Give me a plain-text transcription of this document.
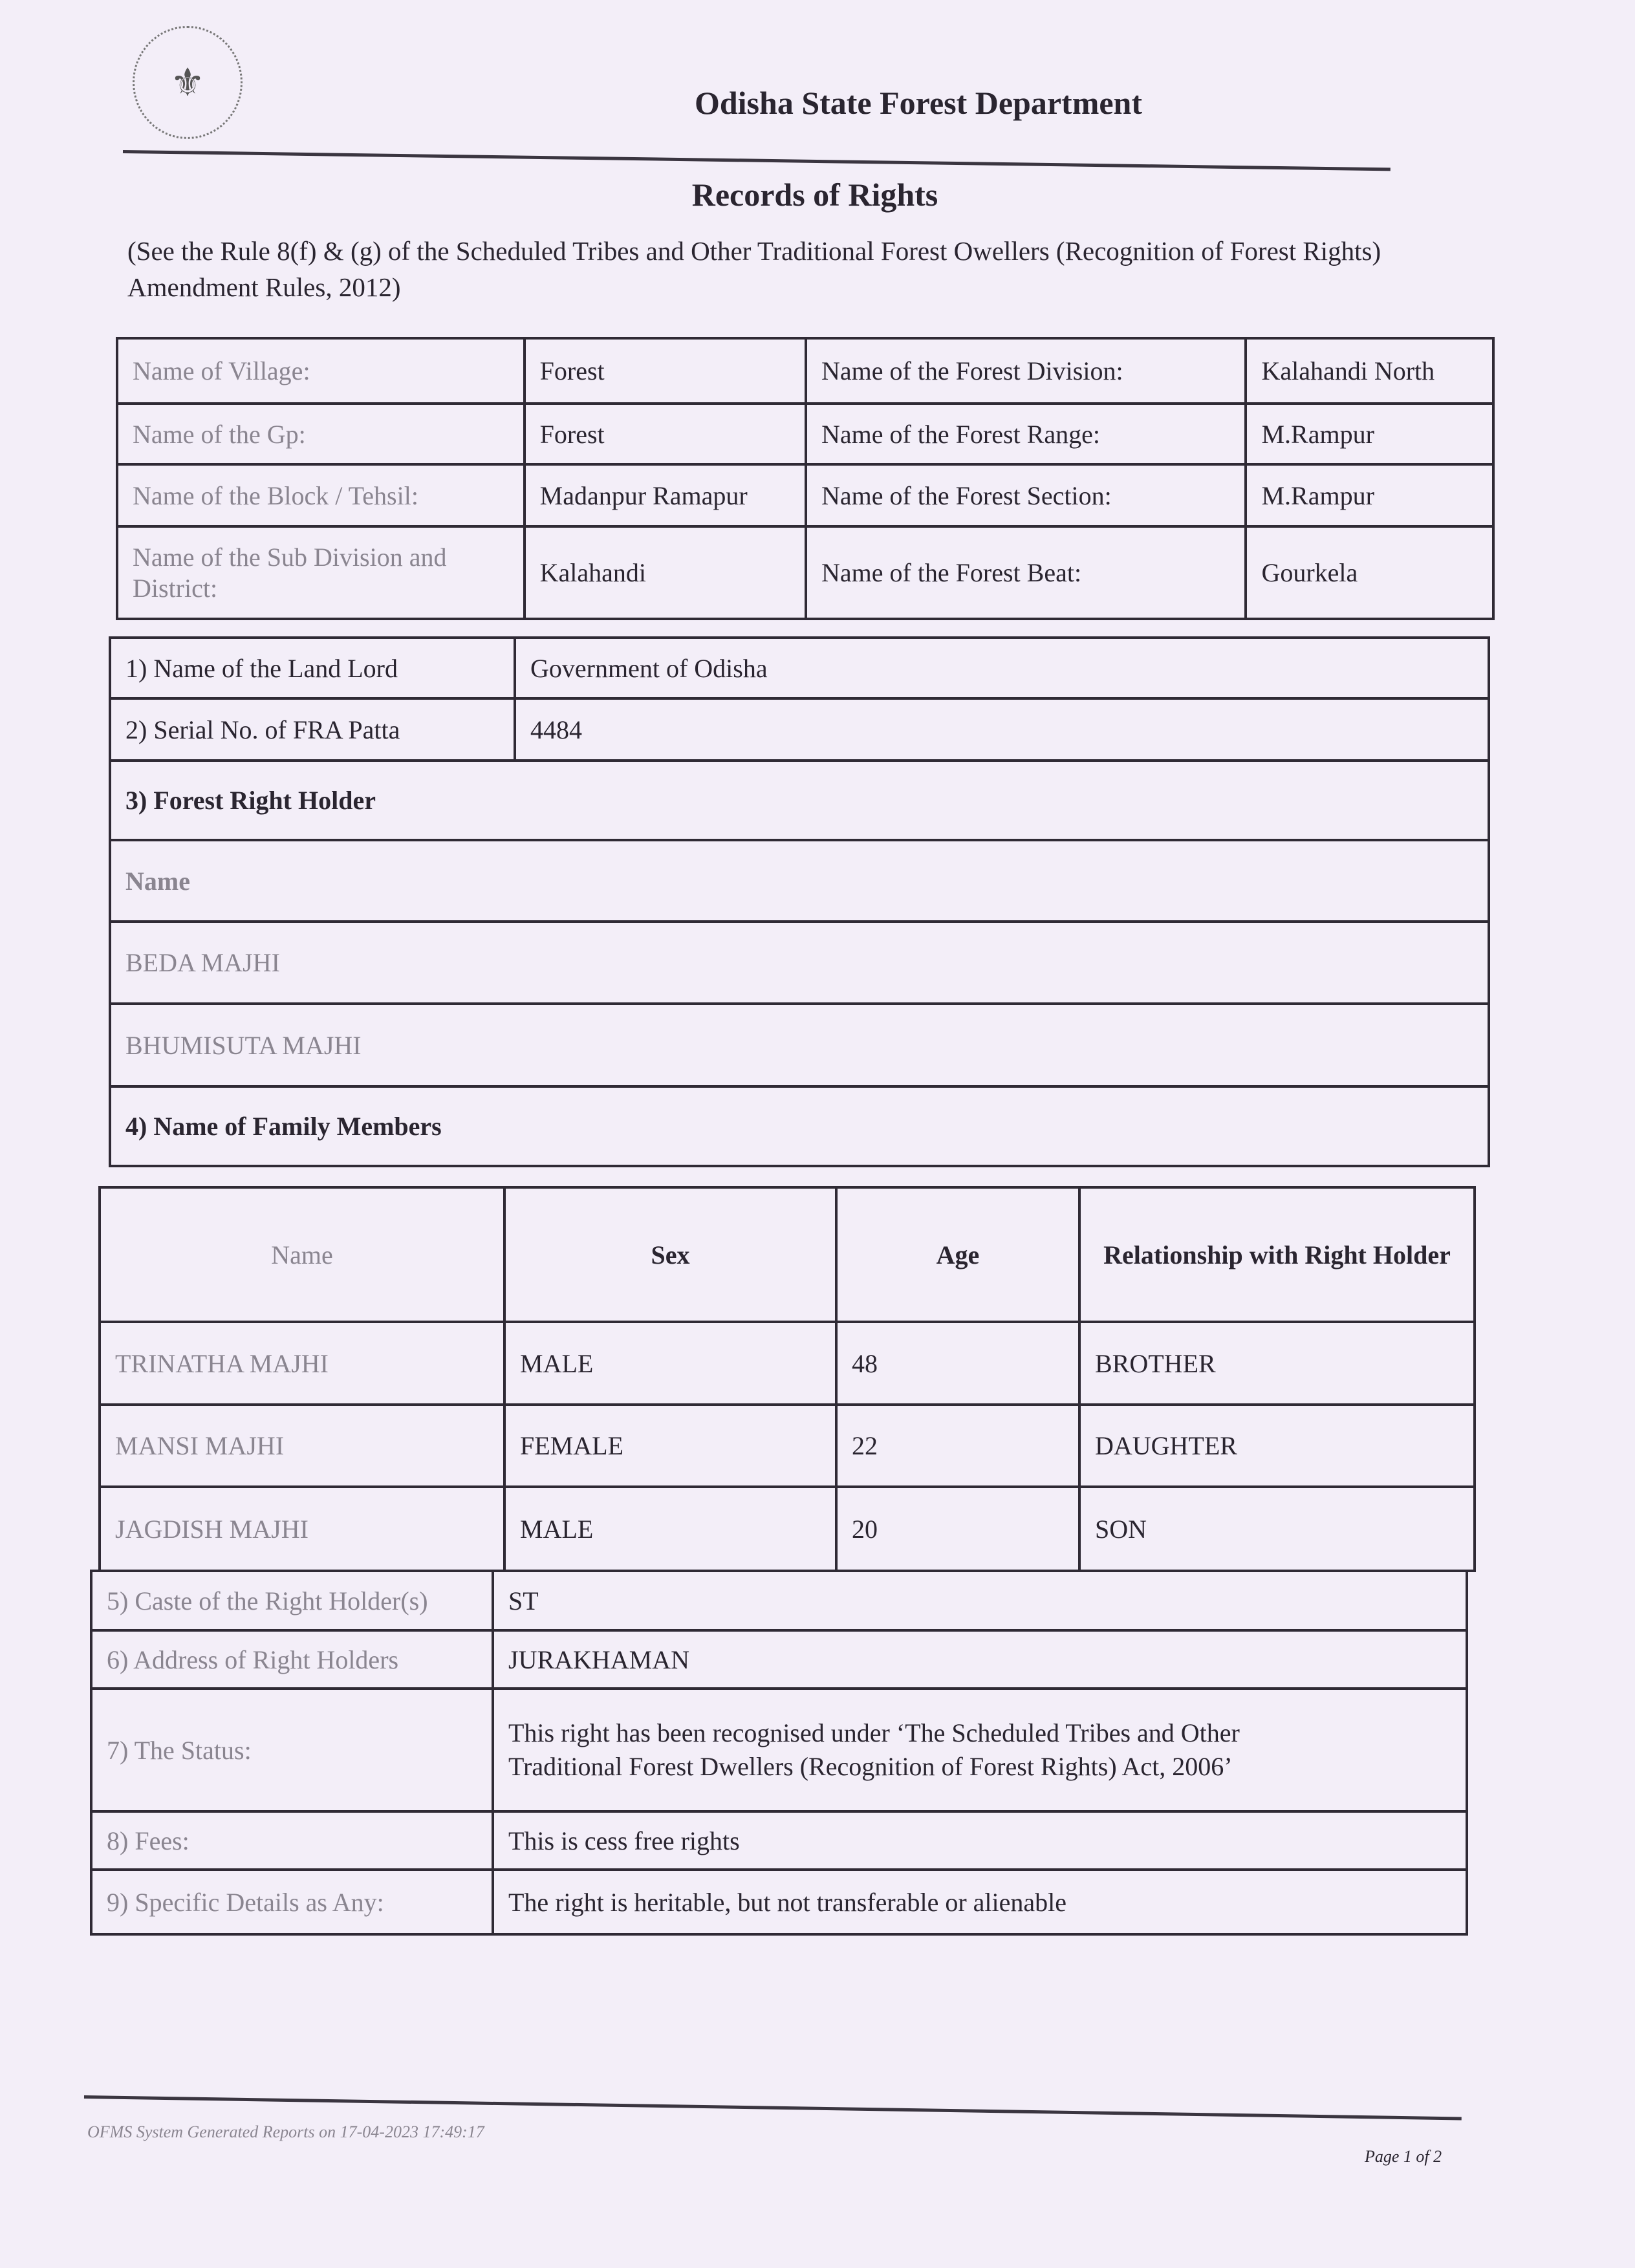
⚜	Odisha State Forest Department
Records of Rights
(See the Rule 8(f) & (g) of the Scheduled Tribes and Other Traditional Forest Owellers (Recognition of Forest Rights) Amendment Rules, 2012)
Name of Village:	Forest	Name of the Forest Division:	Kalahandi North
Name of the Gp:	Forest	Name of the Forest Range:	M.Rampur
Name of the Block / Tehsil:	Madanpur Ramapur	Name of the Forest Section:	M.Rampur
Name of the Sub Division and District:	Kalahandi	Name of the Forest Beat:	Gourkela
1) Name of the Land Lord	Government of Odisha
2) Serial No. of FRA Patta	4484
3) Forest Right Holder	
Name	
BEDA MAJHI	
BHUMISUTA MAJHI	
4) Name of Family Members	
Name	Sex	Age	Relationship with Right Holder
TRINATHA MAJHI	MALE	48	BROTHER
MANSI MAJHI	FEMALE	22	DAUGHTER
JAGDISH MAJHI	MALE	20	SON
5) Caste of the Right Holder(s)	ST
6) Address of Right Holders	JURAKHAMAN
7) The Status:	This right has been recognised under ‘The Scheduled Tribes and Other Traditional Forest Dwellers (Recognition of Forest Rights) Act, 2006’
8) Fees:	This is cess free rights
9) Specific Details as Any:	The right is heritable, but not transferable or alienable
OFMS System Generated Reports on 17-04-2023 17:49:17
Page 1 of 2
